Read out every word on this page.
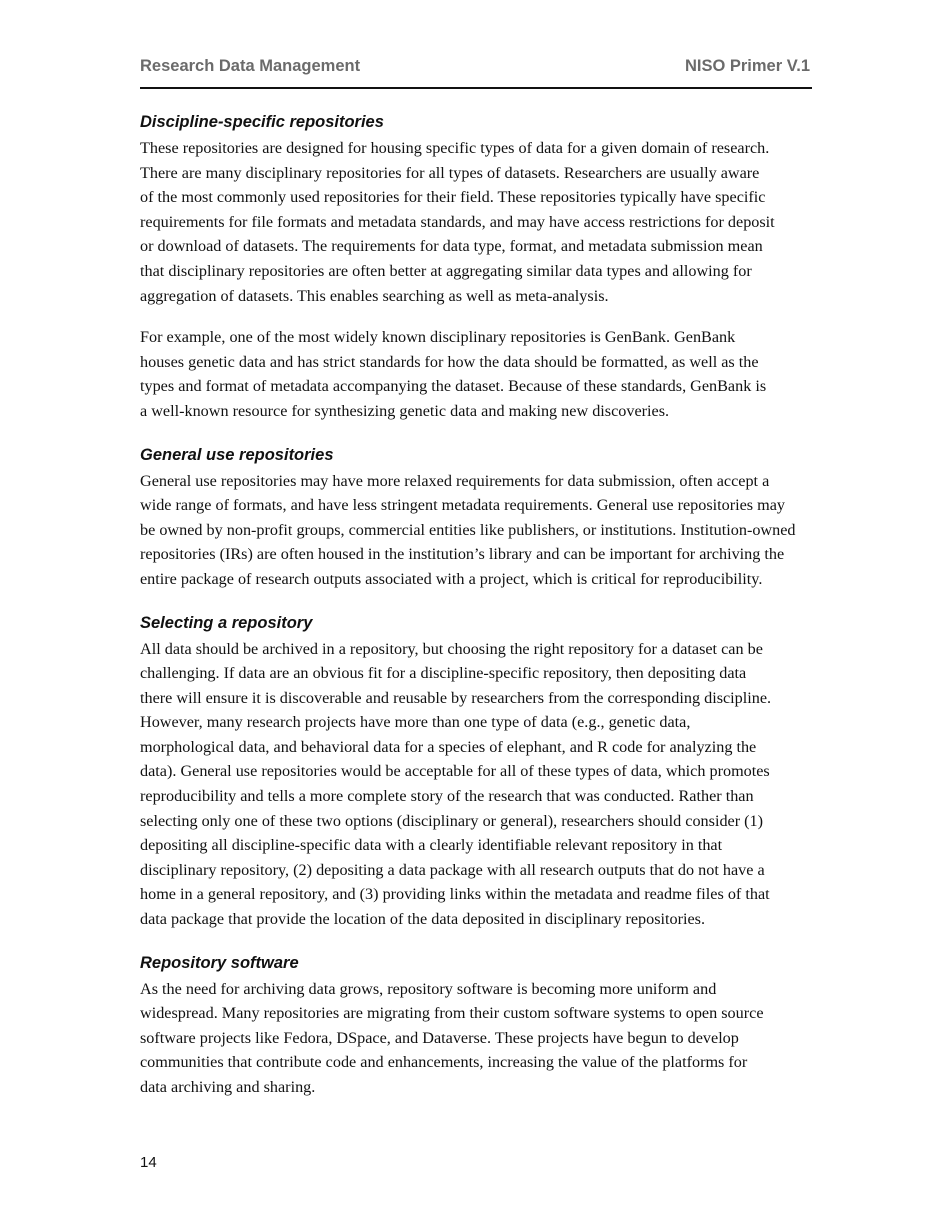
Research Data Management	NISO Primer V.1
Discipline-specific repositories

These repositories are designed for housing specific types of data for a given domain of research.
There are many disciplinary repositories for all types of datasets. Researchers are usually aware
of the most commonly used repositories for their field. These repositories typically have specific
requirements for file formats and metadata standards, and may have access restrictions for deposit
or download of datasets. The requirements for data type, format, and metadata submission mean
that disciplinary repositories are often better at aggregating similar data types and allowing for
aggregation of datasets. This enables searching as well as meta-analysis.

For example, one of the most widely known disciplinary repositories is GenBank. GenBank
houses genetic data and has strict standards for how the data should be formatted, as well as the
types and format of metadata accompanying the dataset. Because of these standards, GenBank is
a well-known resource for synthesizing genetic data and making new discoveries.

General use repositories

General use repositories may have more relaxed requirements for data submission, often accept a
wide range of formats, and have less stringent metadata requirements. General use repositories may
be owned by non-profit groups, commercial entities like publishers, or institutions. Institution-owned
repositories (IRs) are often housed in the institution’s library and can be important for archiving the
entire package of research outputs associated with a project, which is critical for reproducibility.

Selecting a repository

All data should be archived in a repository, but choosing the right repository for a dataset can be
challenging. If data are an obvious fit for a discipline-specific repository, then depositing data
there will ensure it is discoverable and reusable by researchers from the corresponding discipline.
However, many research projects have more than one type of data (e.g., genetic data,
morphological data, and behavioral data for a species of elephant, and R code for analyzing the
data). General use repositories would be acceptable for all of these types of data, which promotes
reproducibility and tells a more complete story of the research that was conducted. Rather than
selecting only one of these two options (disciplinary or general), researchers should consider (1)
depositing all discipline-specific data with a clearly identifiable relevant repository in that
disciplinary repository, (2) depositing a data package with all research outputs that do not have a
home in a general repository, and (3) providing links within the metadata and readme files of that
data package that provide the location of the data deposited in disciplinary repositories.

Repository software

As the need for archiving data grows, repository software is becoming more uniform and
widespread. Many repositories are migrating from their custom software systems to open source
software projects like Fedora, DSpace, and Dataverse. These projects have begun to develop
communities that contribute code and enhancements, increasing the value of the platforms for
data archiving and sharing.

14
